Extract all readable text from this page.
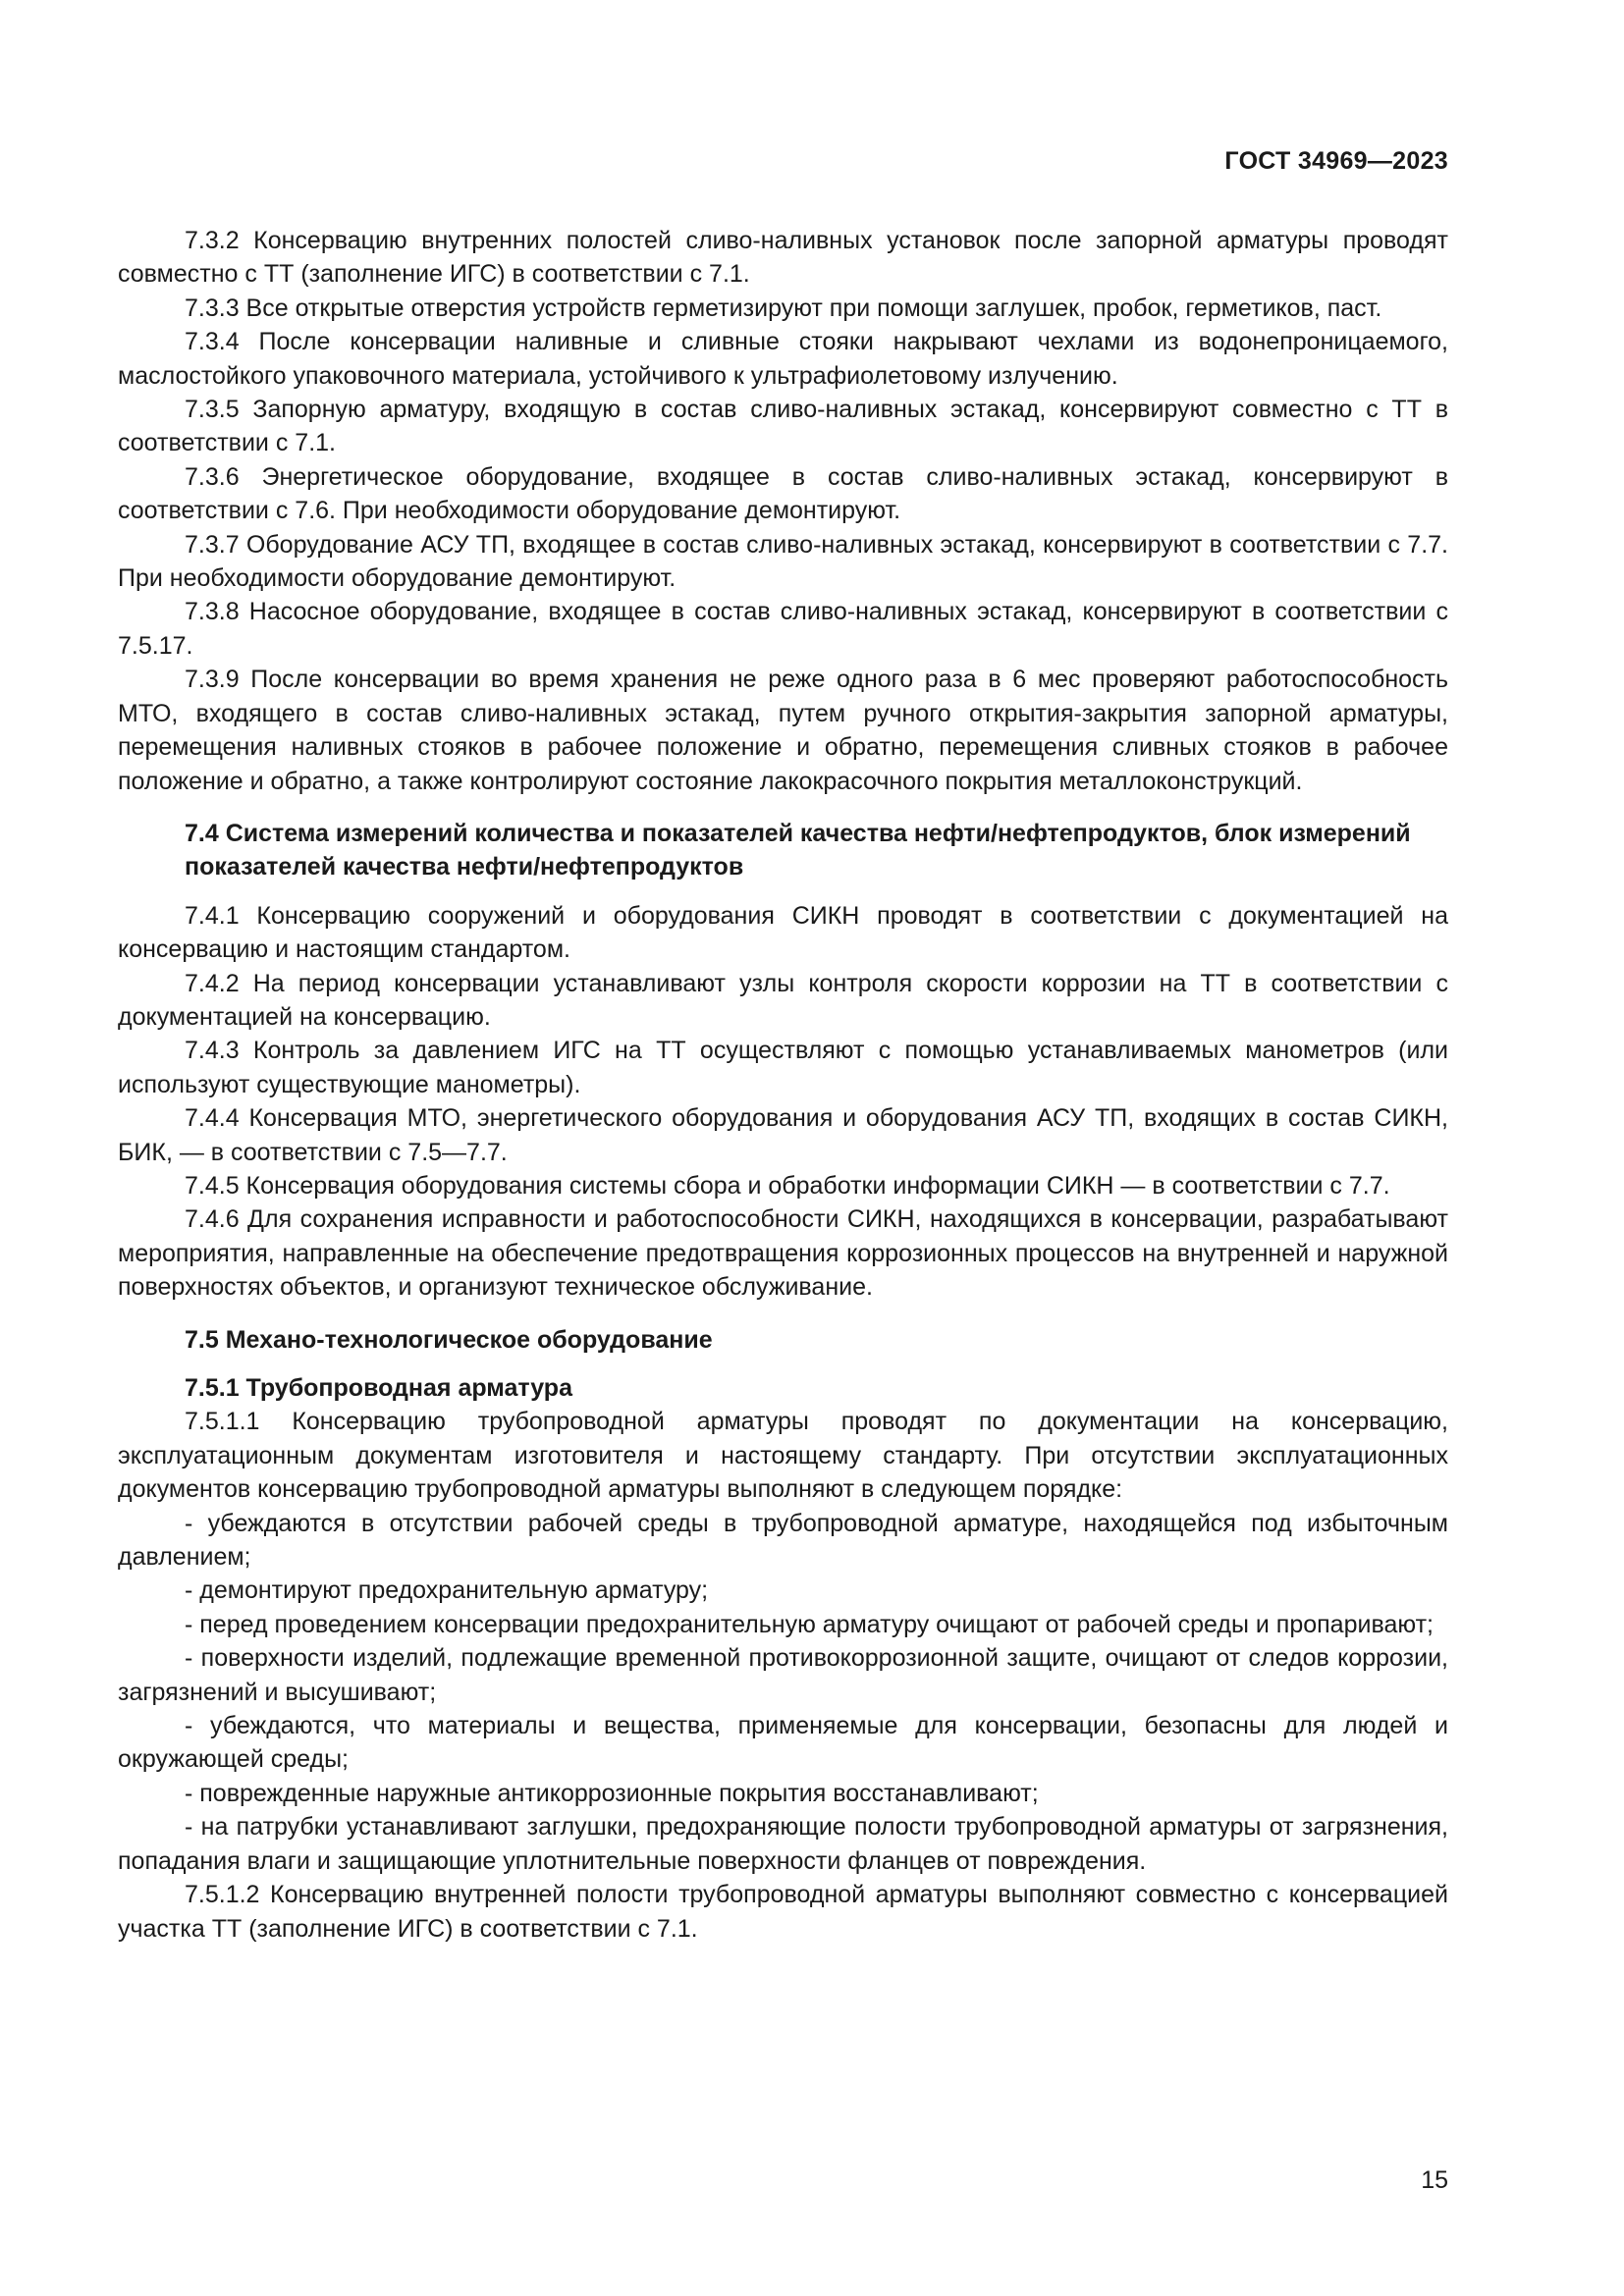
ГОСТ 34969—2023

7.3.2 Консервацию внутренних полостей сливо-наливных установок после запорной арматуры проводят совместно с ТТ (заполнение ИГС) в соответствии с 7.1.

7.3.3 Все открытые отверстия устройств герметизируют при помощи заглушек, пробок, герметиков, паст.

7.3.4 После консервации наливные и сливные стояки накрывают чехлами из водонепроницаемого, маслостойкого упаковочного материала, устойчивого к ультрафиолетовому излучению.

7.3.5 Запорную арматуру, входящую в состав сливо-наливных эстакад, консервируют совместно с ТТ в соответствии с 7.1.

7.3.6 Энергетическое оборудование, входящее в состав сливо-наливных эстакад, консервируют в соответствии с 7.6. При необходимости оборудование демонтируют.

7.3.7 Оборудование АСУ ТП, входящее в состав сливо-наливных эстакад, консервируют в соответствии с 7.7. При необходимости оборудование демонтируют.

7.3.8 Насосное оборудование, входящее в состав сливо-наливных эстакад, консервируют в соответствии с 7.5.17.

7.3.9 После консервации во время хранения не реже одного раза в 6 мес проверяют работоспособность МТО, входящего в состав сливо-наливных эстакад, путем ручного открытия-закрытия запорной арматуры, перемещения наливных стояков в рабочее положение и обратно, перемещения сливных стояков в рабочее положение и обратно, а также контролируют состояние лакокрасочного покрытия металлоконструкций.

7.4 Система измерений количества и показателей качества нефти/нефтепродуктов, блок измерений показателей качества нефти/нефтепродуктов

7.4.1 Консервацию сооружений и оборудования СИКН проводят в соответствии с документацией на консервацию и настоящим стандартом.

7.4.2 На период консервации устанавливают узлы контроля скорости коррозии на ТТ в соответствии с документацией на консервацию.

7.4.3 Контроль за давлением ИГС на ТТ осуществляют с помощью устанавливаемых манометров (или используют существующие манометры).

7.4.4 Консервация МТО, энергетического оборудования и оборудования АСУ ТП, входящих в состав СИКН, БИК, — в соответствии с 7.5—7.7.

7.4.5 Консервация оборудования системы сбора и обработки информации СИКН — в соответствии с 7.7.

7.4.6 Для сохранения исправности и работоспособности СИКН, находящихся в консервации, разрабатывают мероприятия, направленные на обеспечение предотвращения коррозионных процессов на внутренней и наружной поверхностях объектов, и организуют техническое обслуживание.

7.5 Механо-технологическое оборудование
7.5.1 Трубопроводная арматура

7.5.1.1 Консервацию трубопроводной арматуры проводят по документации на консервацию, эксплуатационным документам изготовителя и настоящему стандарту. При отсутствии эксплуатационных документов консервацию трубопроводной арматуры выполняют в следующем порядке:

- убеждаются в отсутствии рабочей среды в трубопроводной арматуре, находящейся под избыточным давлением;

- демонтируют предохранительную арматуру;

- перед проведением консервации предохранительную арматуру очищают от рабочей среды и пропаривают;

- поверхности изделий, подлежащие временной противокоррозионной защите, очищают от следов коррозии, загрязнений и высушивают;

- убеждаются, что материалы и вещества, применяемые для консервации, безопасны для людей и окружающей среды;

- поврежденные наружные антикоррозионные покрытия восстанавливают;

- на патрубки устанавливают заглушки, предохраняющие полости трубопроводной арматуры от загрязнения, попадания влаги и защищающие уплотнительные поверхности фланцев от повреждения.

7.5.1.2 Консервацию внутренней полости трубопроводной арматуры выполняют совместно с консервацией участка ТТ (заполнение ИГС) в соответствии с 7.1.

15
